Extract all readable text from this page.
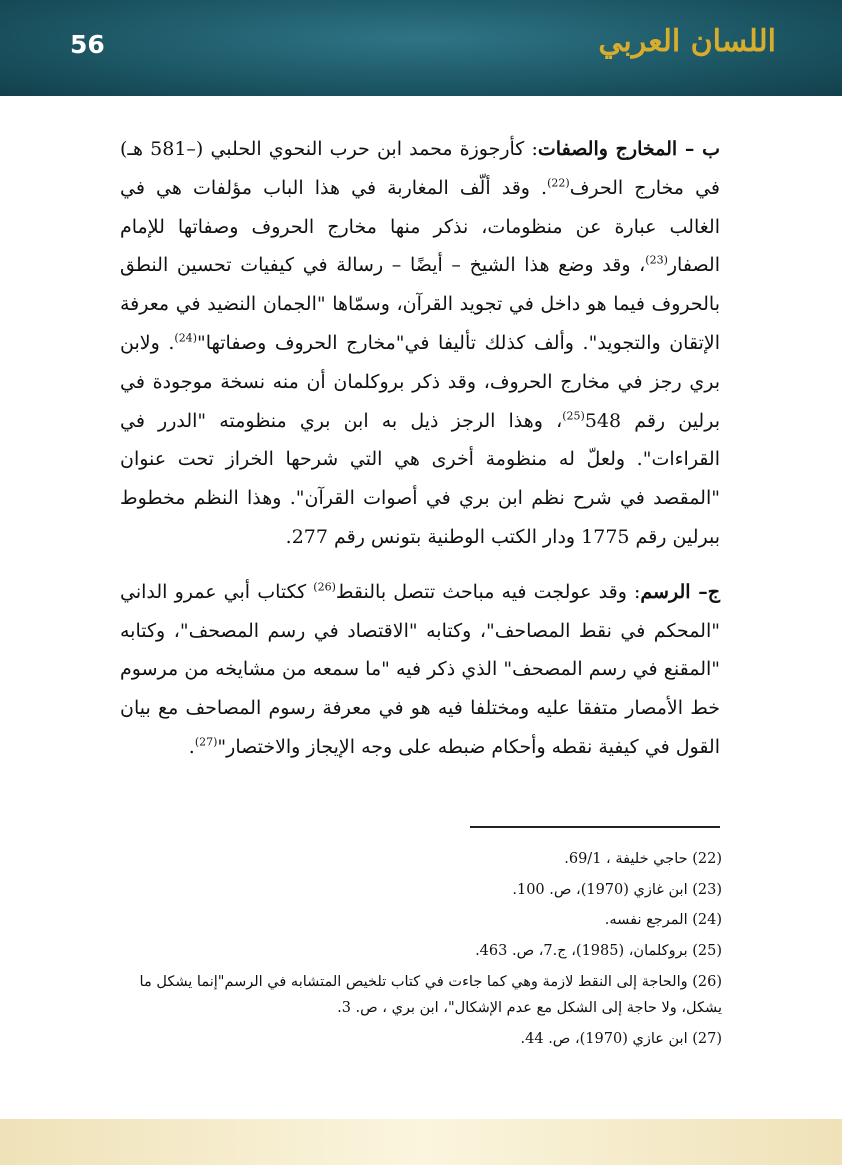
56	اللسان العربي

ب – المخارج والصفات: كأرجوزة محمد ابن حرب النحوي الحلبي (–581 هـ) في مخارج الحرف$^{(22)}$. وقد ألّف المغاربة في هذا الباب مؤلفات هي في الغالب عبارة عن منظومات، نذكر منها مخارج الحروف وصفاتها للإمام الصفار$^{(23)}$، وقد وضع هذا الشيخ – أيضًا – رسالة في كيفيات تحسين النطق بالحروف فيما هو داخل في تجويد القرآن، وسمّاها "الجمان النضيد في معرفة الإتقان والتجويد". وألف كذلك تأليفا في"مخارج الحروف وصفاتها"$^{(24)}$. ولابن بري رجز في مخارج الحروف، وقد ذكر بروكلمان أن منه نسخة موجودة في برلين رقم 548$^{(25)}$، وهذا الرجز ذيل به ابن بري منظومته "الدرر في القراءات". ولعلّ له منظومة أخرى هي التي شرحها الخراز تحت عنوان "المقصد في شرح نظم ابن بري في أصوات القرآن". وهذا النظم مخطوط ببرلين رقم 1775 ودار الكتب الوطنية بتونس رقم 277.

ج– الرسم: وقد عولجت فيه مباحث تتصل بالنقط$^{(26)}$ ككتاب أبي عمرو الداني "المحكم في نقط المصاحف"، وكتابه "الاقتصاد في رسم المصحف"، وكتابه "المقنع في رسم المصحف" الذي ذكر فيه "ما سمعه من مشايخه من مرسوم خط الأمصار متفقا عليه ومختلفا فيه هو في معرفة رسوم المصاحف مع بيان القول في كيفية نقطه وأحكام ضبطه على وجه الإيجاز والاختصار"$^{(27)}$.

(22) حاجي خليفة ، 69/1.

(23) ابن غازي (1970)، ص. 100.

(24) المرجع نفسه.

(25) بروكلمان، (1985)، ج.7، ص. 463.

(26) والحاجة إلى النقط لازمة وهي كما جاءت في كتاب تلخيص المتشابه في الرسم"إنما يشكل ما يشكل، ولا حاجة إلى الشكل مع عدم الإشكال"، ابن بري ، ص. 3.

(27) ابن عازي (1970)، ص. 44.
